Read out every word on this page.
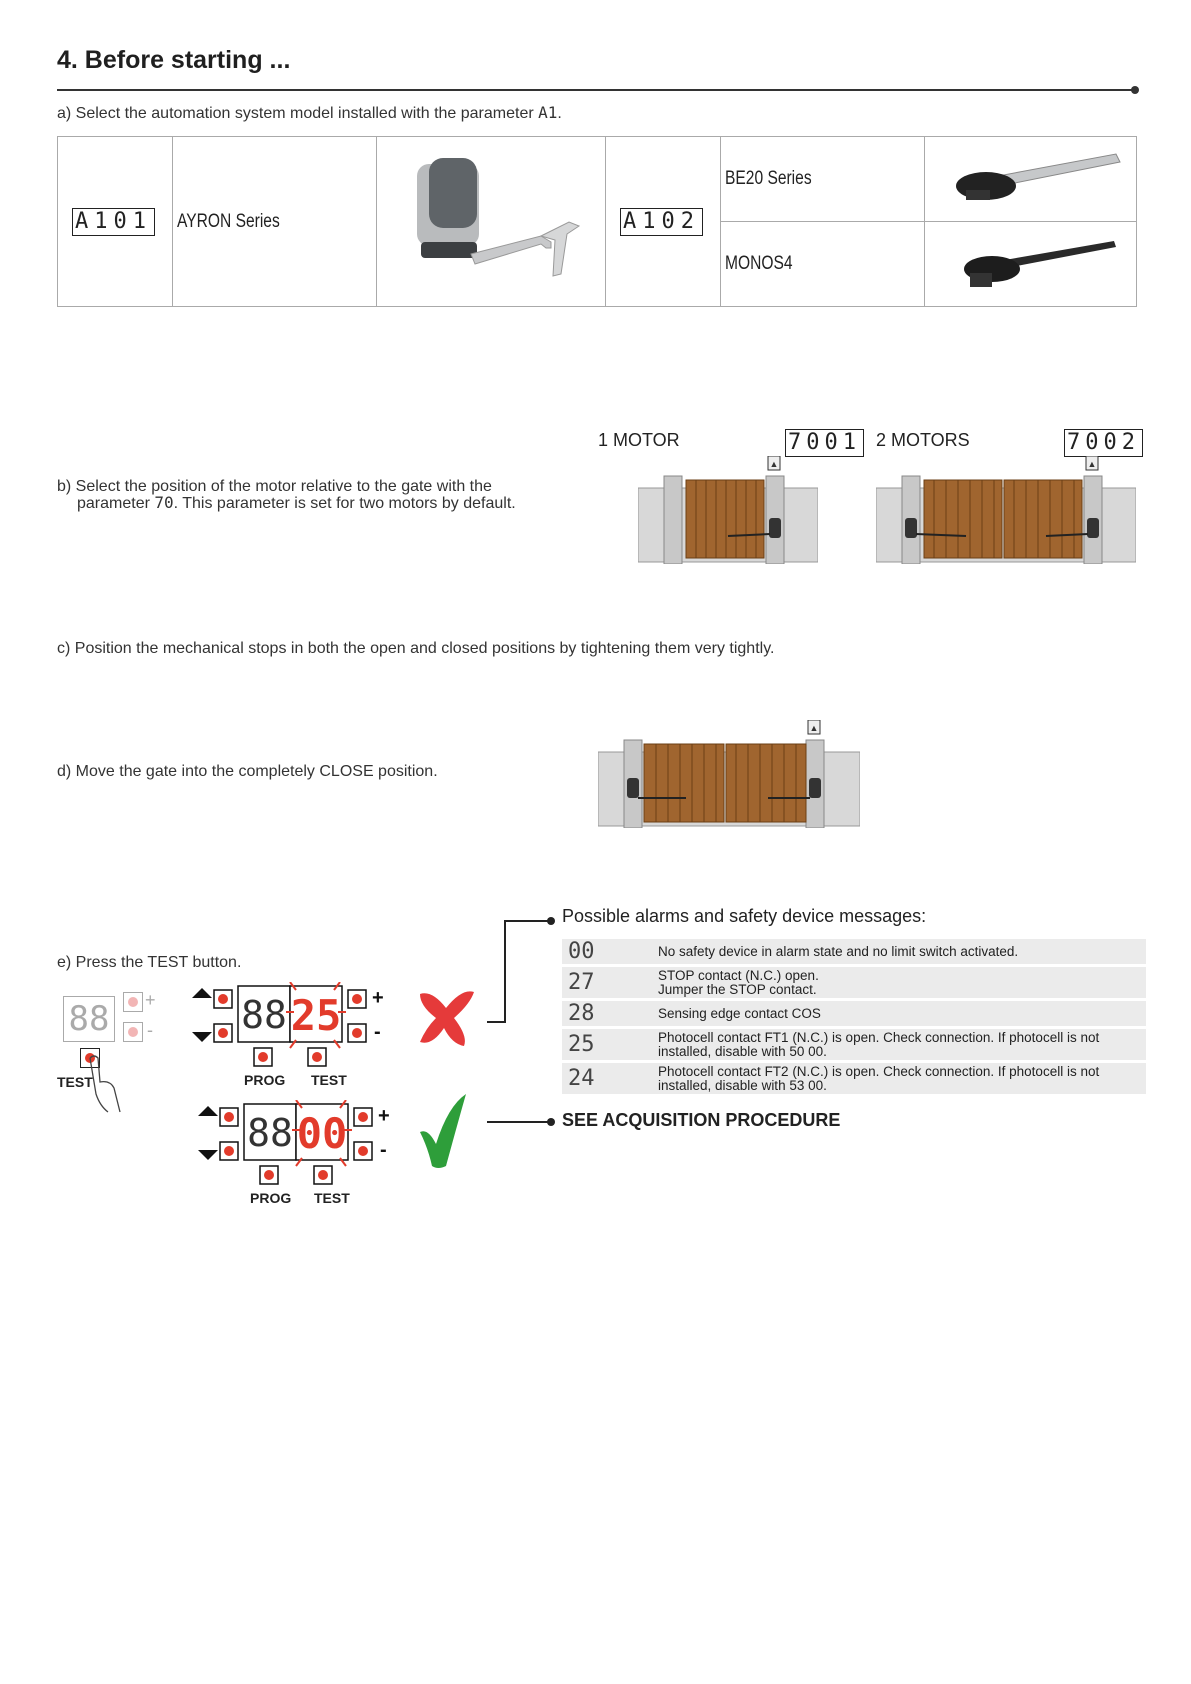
4. Before starting ...
a) Select the automation system model installed with the parameter A1.
A101	AYRON Series		A102	BE20 Series	
				MONOS4	
b) Select the position of the motor relative to the gate with the
parameter 70. This parameter is set for two motors by default.
1 MOTOR	7001 2 MOTORS	7002
▲	▲
c) Position the mechanical stops in both the open and closed positions by tightening them very tightly.
d) Move the gate into the completely CLOSE position.
▲
e) Press the TEST button.
88	+
-
TEST
88 25 +
-
PROG TEST
88 00 +
-
PROG TEST
Possible alarms and safety device messages:
00	No safety device in alarm state and no limit switch activated.

27	STOP contact (N.C.) open.
Jumper the STOP contact.

28	Sensing edge contact COS

25	Photocell contact FT1 (N.C.) is open. Check connection. If photocell is not
installed, disable with 50 00.

24	Photocell contact FT2 (N.C.) is open. Check connection. If photocell is not
installed, disable with 53 00.
SEE ACQUISITION PROCEDURE
